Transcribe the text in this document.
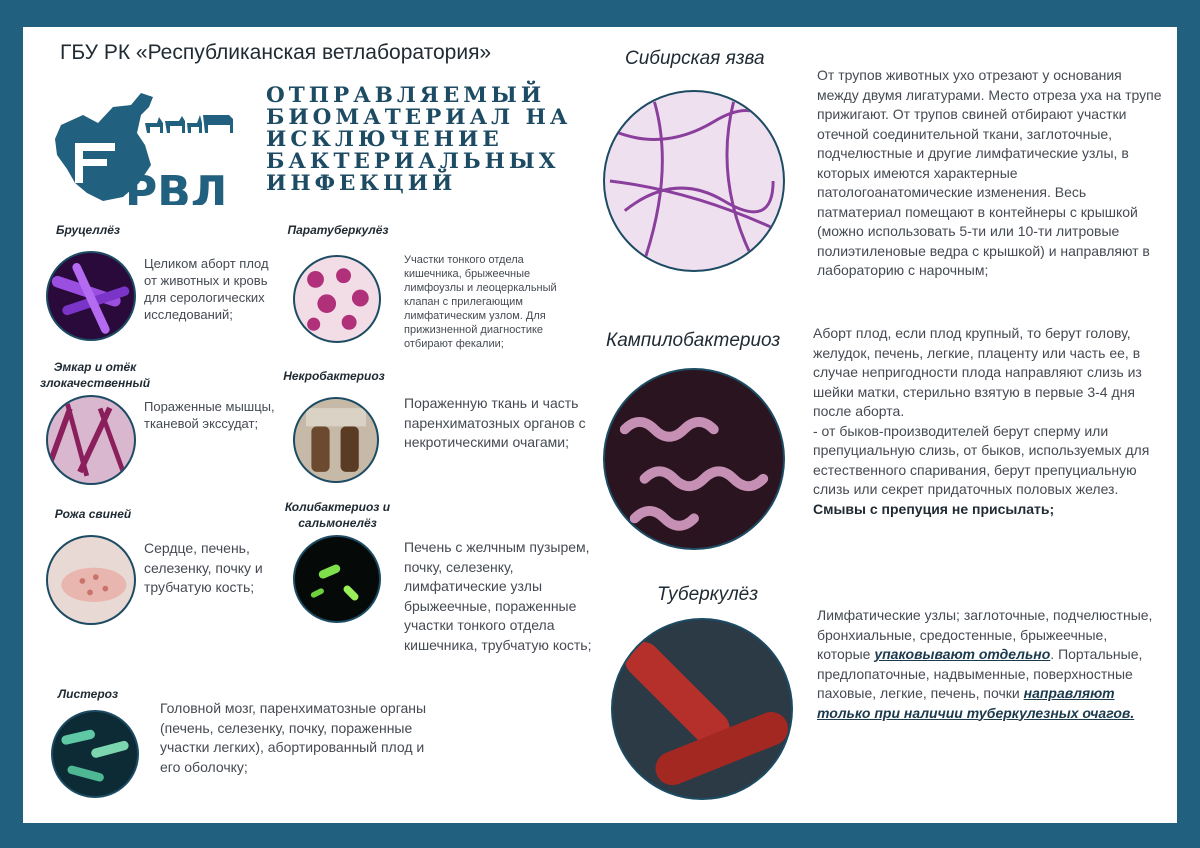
ГБУ РК «Республиканская ветлаборатория»
РВЛ
ОТПРАВЛЯЕМЫЙ
БИОМАТЕРИАЛ НА
ИСКЛЮЧЕНИЕ
БАКТЕРИАЛЬНЫХ
ИНФЕКЦИЙ
Бруцеллёз
Целиком аборт плод от животных и кровь для серологических исследований;
Эмкар и отёк злокачественный
Пораженные мышцы, тканевой экссудат;
Рожа свиней
Сердце, печень, селезенку, почку и трубчатую кость;
Листероз
Головной мозг, паренхиматозные органы (печень, селезенку, почку, пораженные участки легких), абортированный плод и его оболочку;
Паратуберкулёз
Участки тонкого отдела кишечника, брыжеечные лимфоузлы и леоцеркальный клапан с прилегающим лимфатическим узлом. Для прижизненной диагностике отбирают фекалии;
Некробактериоз
Пораженную ткань и часть паренхиматозных органов с некротическими очагами;
Колибактериоз и сальмонелёз
Печень с желчным пузырем, почку, селезенку, лимфатические узлы брыжеечные, пораженные участки тонкого отдела кишечника, трубчатую кость;
Сибирская язва
От трупов животных ухо отрезают у основания между двумя лигатурами. Место отреза уха на трупе прижигают. От трупов свиней отбирают участки отечной соединительной ткани, заглоточные, подчелюстные и другие лимфатические узлы, в которых имеются характерные патологоанатомические изменения. Весь патматериал помещают в контейнеры с крышкой (можно использовать 5-ти или 10-ти литровые полиэтиленовые ведра с крышкой) и направляют в лабораторию с нарочным;
Кампилобактериоз Аборт плод, если плод крупный, то берут голову, желудок, печень, легкие, плаценту или часть ее, в случае непригодности плода направляют слизь из шейки матки, стерильно взятую в первые 3-4 дня после аборта.
- от быков-производителей берут сперму или препуциальную слизь, от быков, используемых для естественного спаривания, берут препуциальную слизь или секрет придаточных половых желез.
Смывы с препуция не присылать;
Туберкулёз
Лимфатические узлы; заглоточные, подчелюстные, бронхиальные, средостенные, брыжеечные, которые упаковывают отдельно. Портальные, предлопаточные, надвыменные, поверхностные паховые, легкие, печень, почки направляют только при наличии туберкулезных очагов.
